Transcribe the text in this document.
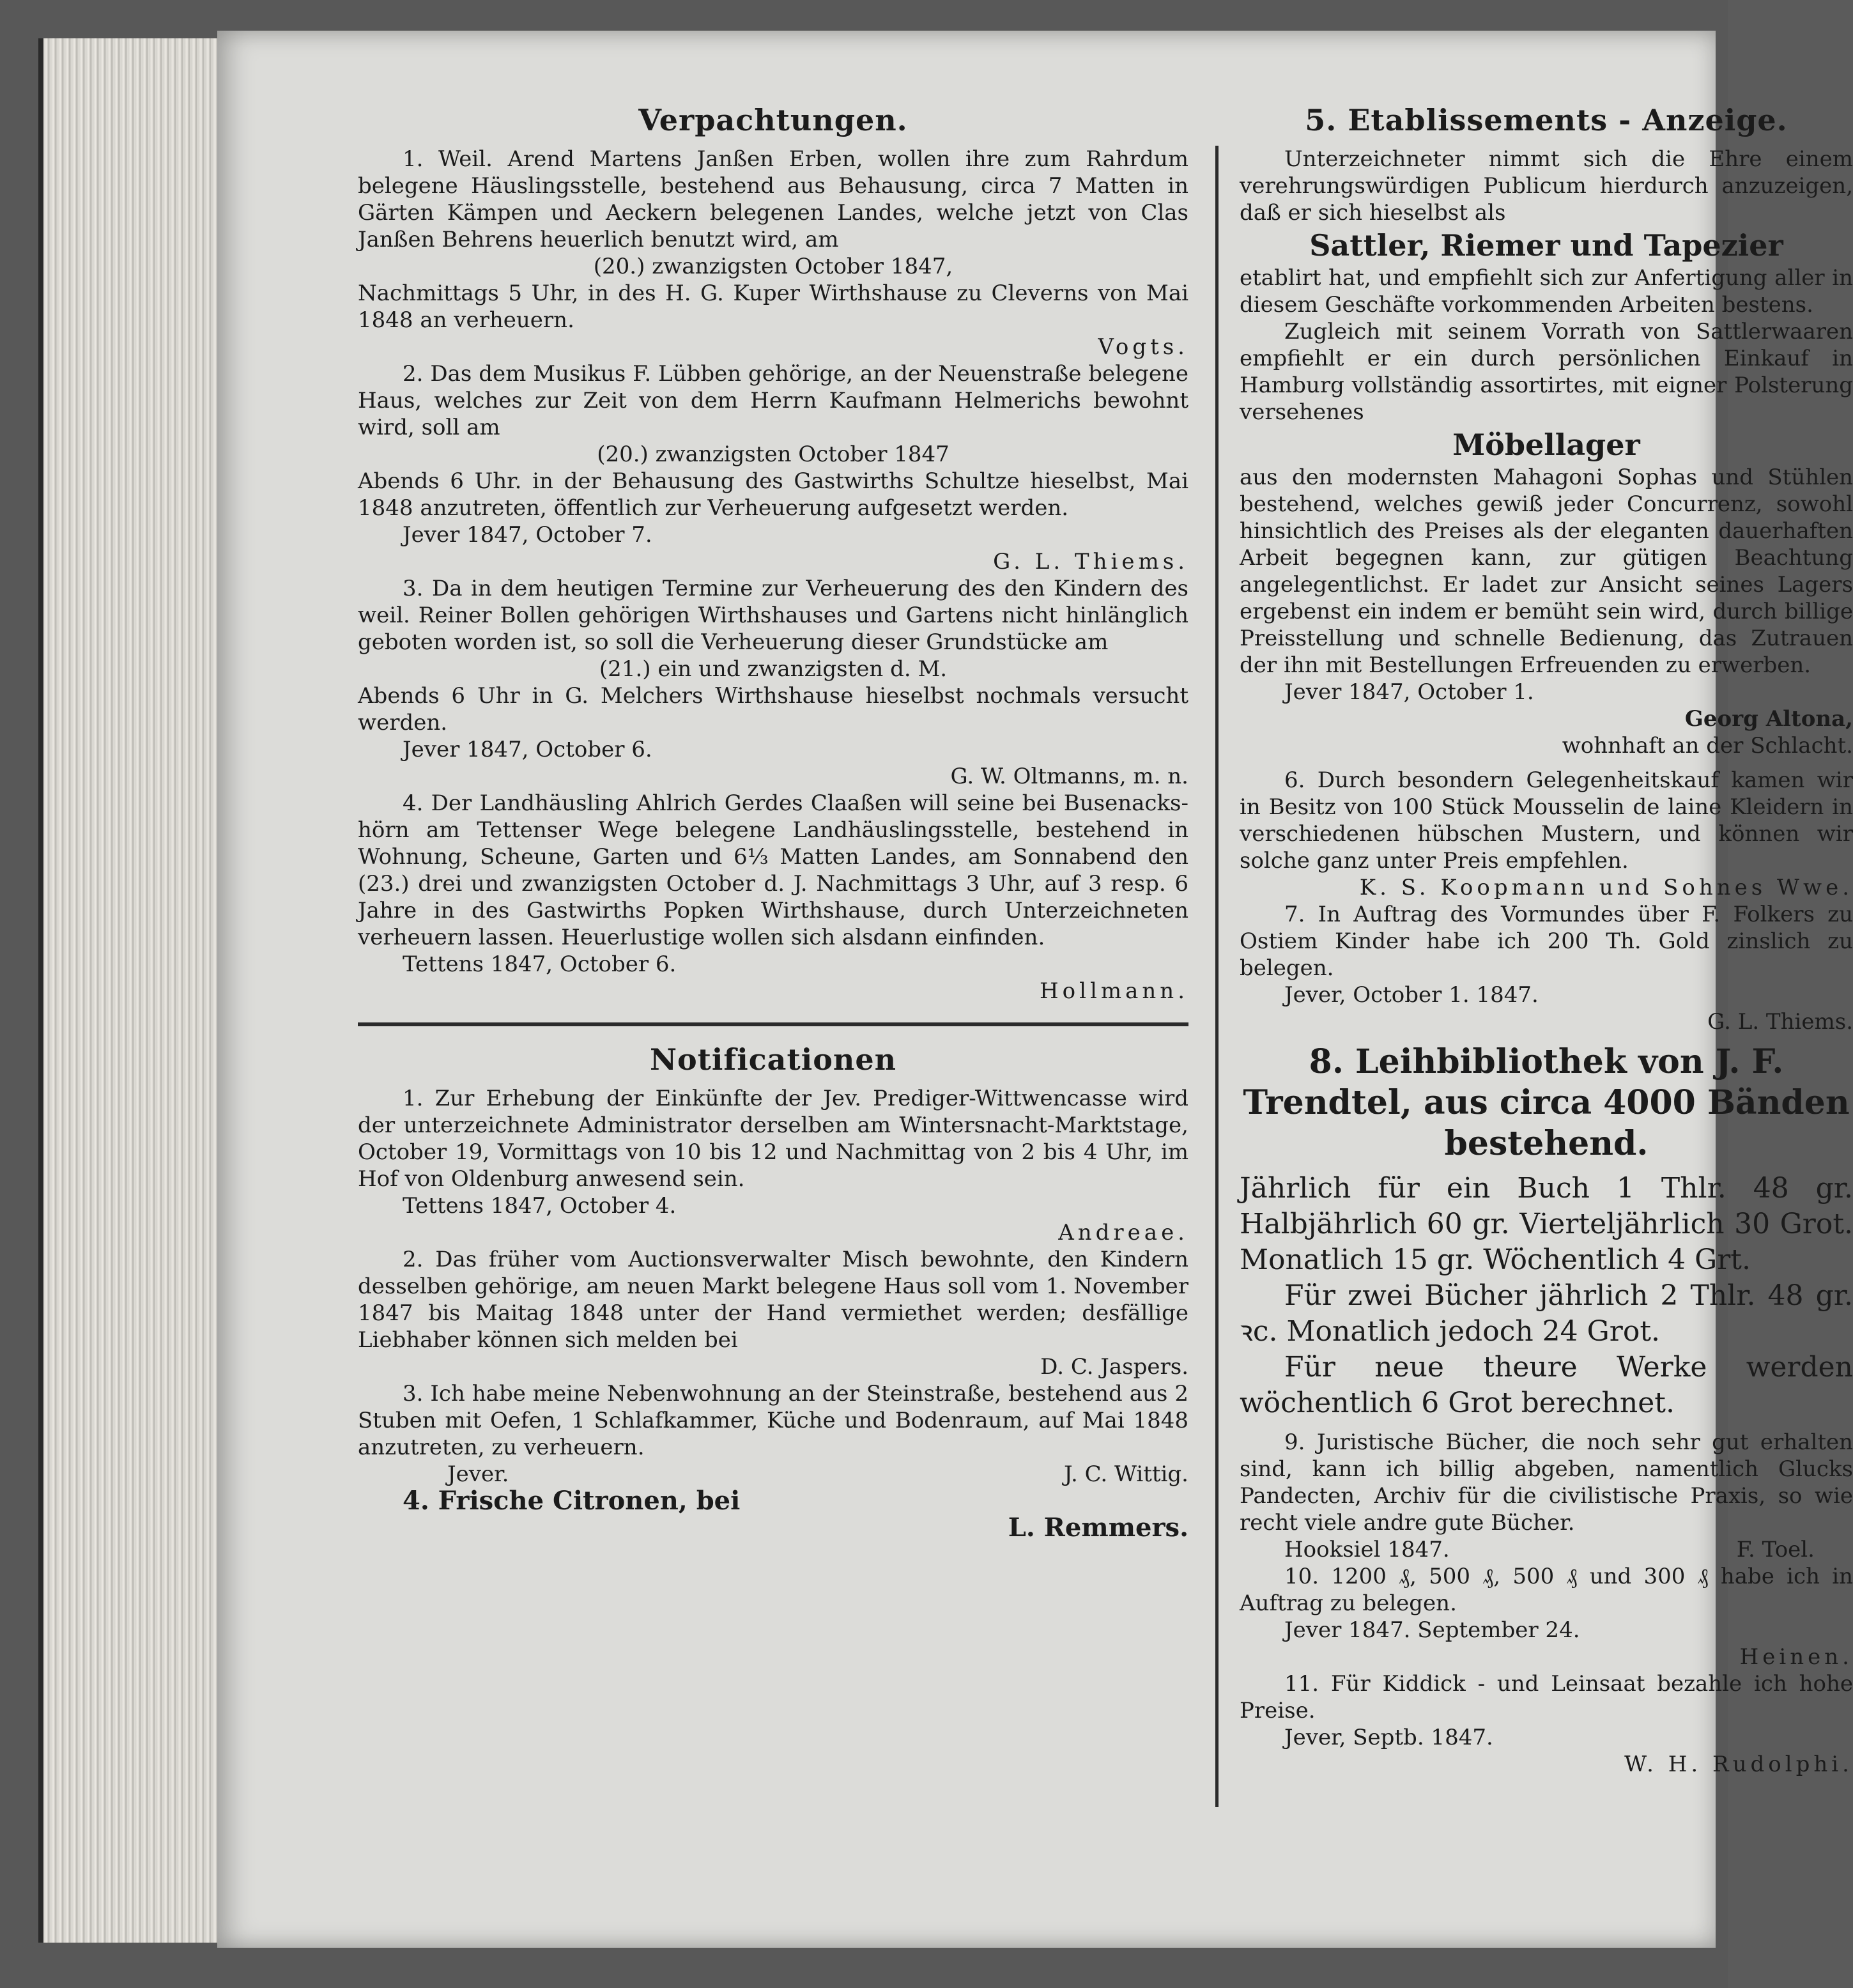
Verpachtungen.

1. Weil. Arend Martens Janßen Erben, wollen ihre zum Rahrdum belegene Häuslingsstelle, bestehend aus Behausung, circa 7 Matten in Gärten Kämpen und Aeckern belegenen Landes, welche jetzt von Clas Janßen Behrens heuerlich benutzt wird, am

(20.) zwanzigsten October 1847,

Nachmittags 5 Uhr, in des H. G. Kuper Wirthshause zu Cleverns von Mai 1848 an verheuern.

Vogts.

2. Das dem Musikus F. Lübben gehörige, an der Neuenstraße belegene Haus, welches zur Zeit von dem Herrn Kaufmann Helmerichs bewohnt wird, soll am

(20.) zwanzigsten October 1847

Abends 6 Uhr. in der Behausung des Gastwirths Schultze hieselbst, Mai 1848 anzutreten, öffentlich zur Verheuerung aufgesetzt werden.

Jever 1847, October 7.

G. L. Thiems.

3. Da in dem heutigen Termine zur Verheuerung des den Kindern des weil. Reiner Bollen gehörigen Wirthshauses und Gartens nicht hinlänglich geboten worden ist, so soll die Verheuerung dieser Grundstücke am

(21.) ein und zwanzigsten d. M.

Abends 6 Uhr in G. Melchers Wirthshause hieselbst nochmals versucht werden.

Jever 1847, October 6.

G. W. Oltmanns, m. n.

4. Der Landhäusling Ahlrich Gerdes Claaßen will seine bei Busenackshörn am Tettenser Wege belegene Landhäuslingsstelle, bestehend in Wohnung, Scheune, Garten und 6⅓ Matten Landes, am Sonnabend den (23.) drei und zwanzigsten October d. J. Nachmittags 3 Uhr, auf 3 resp. 6 Jahre in des Gastwirths Popken Wirthshause, durch Unterzeichneten verheuern lassen. Heuerlustige wollen sich alsdann einfinden.

Tettens 1847, October 6.

Hollmann.

Notificationen

1. Zur Erhebung der Einkünfte der Jev. Prediger-Wittwencasse wird der unterzeichnete Administrator derselben am Wintersnacht-Marktstage, October 19, Vormittags von 10 bis 12 und Nachmittag von 2 bis 4 Uhr, im Hof von Oldenburg anwesend sein.

Tettens 1847, October 4.

Andreae.

2. Das früher vom Auctionsverwalter Misch bewohnte, den Kindern desselben gehörige, am neuen Markt belegene Haus soll vom 1. November 1847 bis Maitag 1848 unter der Hand vermiethet werden; desfällige Liebhaber können sich melden bei

D. C. Jaspers.

3. Ich habe meine Nebenwohnung an der Steinstraße, bestehend aus 2 Stuben mit Oefen, 1 Schlafkammer, Küche und Bodenraum, auf Mai 1848 anzutreten, zu verheuern.

Jever.	J. C. Wittig.

4. Frische Citronen, bei

L. Remmers.

5. Etablissements - Anzeige.

Unterzeichneter nimmt sich die Ehre einem verehrungswürdigen Publicum hierdurch anzuzeigen, daß er sich hieselbst als

Sattler, Riemer und Tapezier

etablirt hat, und empfiehlt sich zur Anfertigung aller in diesem Geschäfte vorkommenden Arbeiten bestens.

Zugleich mit seinem Vorrath von Sattlerwaaren empfiehlt er ein durch persönlichen Einkauf in Hamburg vollständig assortirtes, mit eigner Polsterung versehenes

Möbellager

aus den modernsten Mahagoni Sophas und Stühlen bestehend, welches gewiß jeder Concurrenz, sowohl hinsichtlich des Preises als der eleganten dauerhaften Arbeit begegnen kann, zur gütigen Beachtung angelegentlichst. Er ladet zur Ansicht seines Lagers ergebenst ein indem er bemüht sein wird, durch billige Preisstellung und schnelle Bedienung, das Zutrauen der ihn mit Bestellungen Erfreuenden zu erwerben.

Jever 1847, October 1.

Georg Altona,

wohnhaft an der Schlacht.

6. Durch besondern Gelegenheitskauf kamen wir in Besitz von 100 Stück Mousselin de laine Kleidern in verschiedenen hübschen Mustern, und können wir solche ganz unter Preis empfehlen.

K. S. Koopmann und Sohnes Wwe.

7. In Auftrag des Vormundes über F. Folkers zu Ostiem Kinder habe ich 200 Th. Gold zinslich zu belegen.

Jever, October 1. 1847.

G. L. Thiems.

8. Leihbibliothek von J. F. Trendtel, aus circa 4000 Bänden bestehend.

Jährlich für ein Buch 1 Thlr. 48 gr. Halbjährlich 60 gr. Vierteljährlich 30 Grot. Monatlich 15 gr. Wöchentlich 4 Grt.

Für zwei Bücher jährlich 2 Thlr. 48 gr. ꝛc. Monatlich jedoch 24 Grot.

Für neue theure Werke werden wöchentlich 6 Grot berechnet.

9. Juristische Bücher, die noch sehr gut erhalten sind, kann ich billig abgeben, namentlich Glucks Pandecten, Archiv für die civilistische Praxis, so wie recht viele andre gute Bücher.

Hooksiel 1847.	F. Toel.

10. 1200 ₰, 500 ₰, 500 ₰ und 300 ₰ habe ich in Auftrag zu belegen.

Jever 1847. September 24.

Heinen.

11. Für Kiddick - und Leinsaat bezahle ich hohe Preise.

Jever, Septb. 1847.

W. H. Rudolphi.
